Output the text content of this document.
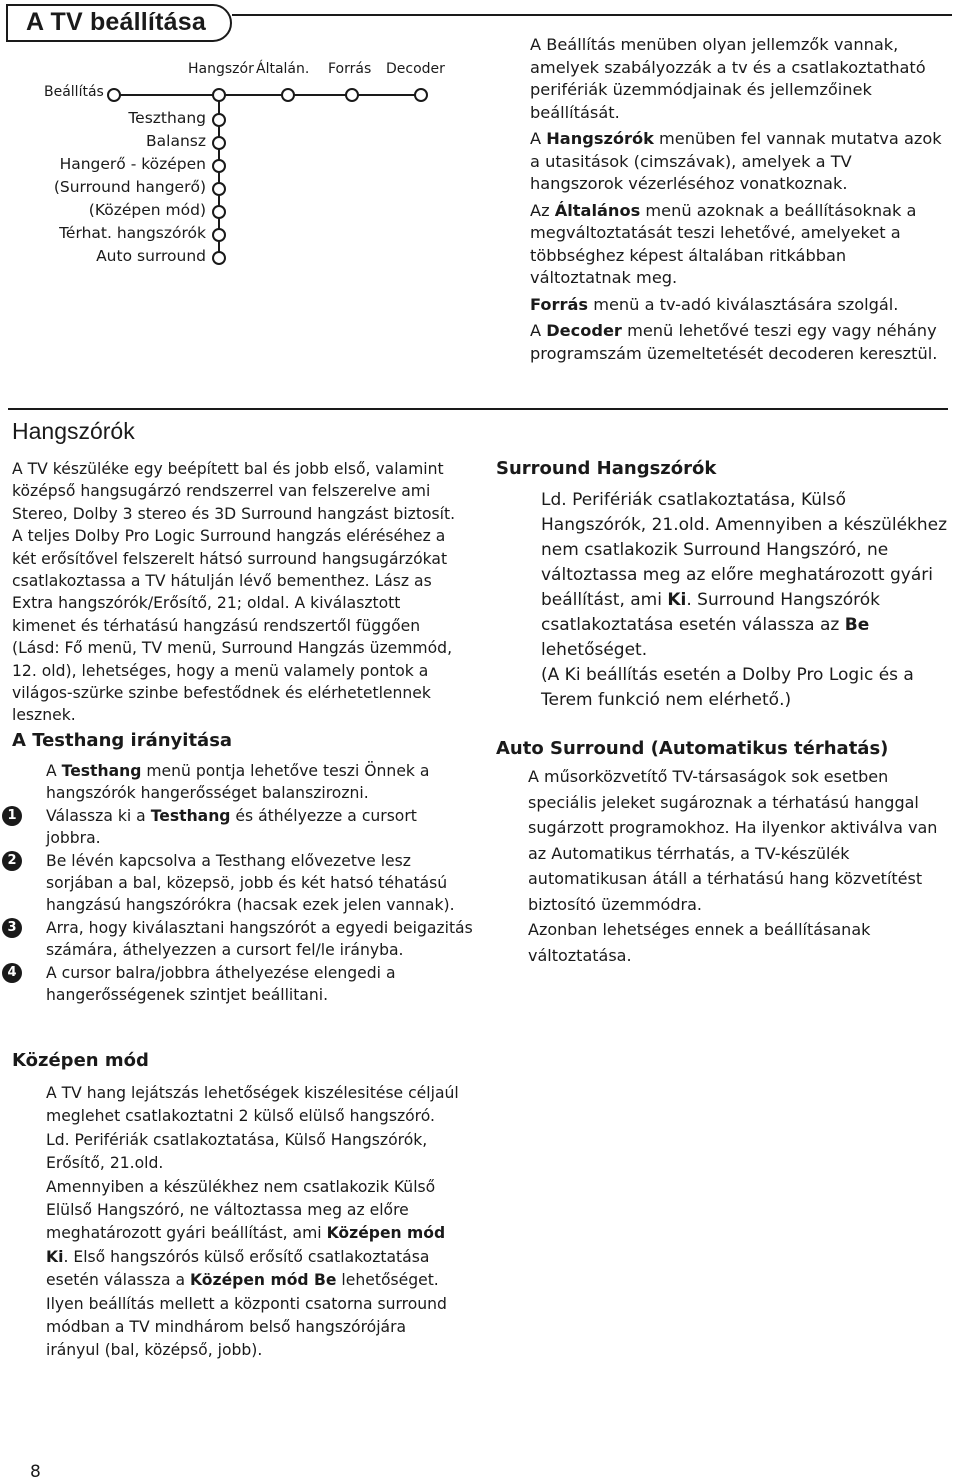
A TV beállítása
Beállítás
Hangszór Általán. Forrás Decoder
Teszthang
Balansz
Hangerő - középen
(Surround hangerő)
(Középen mód)
Térhat. hangszórók
Auto surround

A Beállítás menüben olyan jellemzők vannak, amelyek szabályozzák a tv és a csatlakoztatható perifériák üzemmódjainak és jellemzőinek beállítását.

A Hangszórók menüben fel vannak mutatva azok a utasitások (cimszávak), amelyek a TV hangszorok vézerléséhoz vonatkoznak.

Az Általános menü azoknak a beállításoknak a megváltoztatását teszi lehetővé, amelyeket a többséghez képest általában ritkábban változtatnak meg.

Forrás menü a tv-adó kiválasztására szolgál.

A Decoder menü lehetővé teszi egy vagy néhány programszám üzemeltetését decoderen keresztül.

Hangszórók
A TV készüléke egy beépített bal és jobb első, valamint középső hangsugárzó rendszerrel van felszerelve ami Stereo, Dolby 3 stereo és 3D Surround hangzást biztosít. A teljes Dolby Pro Logic Surround hangzás eléréséhez a két erősítővel felszerelt hátsó surround hangsugárzókat csatlakoztassa a TV hátulján lévő bementhez. Lász as Extra hangszórók/Erősítő, 21; oldal. A kiválasztott kimenet és térhatású hangzású rendszertől függően (Lásd: Fő menü, TV menü, Surround Hangzás üzemmód, 12. old), lehetséges, hogy a menü valamely pontok a világos-szürke szinbe befestődnek és elérhetetlennek lesznek.
A Testhang irányitása

A Testhang menü pontja lehetőve teszi Önnek a hangszórók hangerősséget balanszirozni.

1	Válassza ki a Testhang és áthélyezze a cursort jobbra.
2	Be lévén kapcsolva a Testhang elővezetve lesz sorjában a bal, közepsö, jobb és két hatsó téhatású hangzású hangszórókra (hacsak ezek jelen vannak).
3	Arra, hogy kiválasztani hangszórót a egyedi beigazitás számára, áthelyezzen a cursort fel/le irányba.
4	A cursor balra/jobbra áthelyezése elengedi a hangerősségenek szintjet beállitani.
Középen mód

A TV hang lejátszás lehetőségek kiszélesitése céljaúl meglehet csatlakoztatni 2 külső elülső hangszóró. Ld. Perifériák csatlakoztatása, Külső Hangszórók, Erősítő, 21.old.

Amennyiben a készülékhez nem csatlakozik Külső Elülső Hangszóró, ne változtassa meg az előre meghatározott gyári beállítást, ami Középen mód Ki. Első hangszórós külső erősítő csatlakoztatása esetén válassza a Középen mód Be lehetőséget.

Ilyen beállítás mellett a központi csatorna surround módban a TV mindhárom belső hangszórójára irányul (bal, középső, jobb).

Surround Hangszórók

Ld. Perifériák csatlakoztatása, Külső Hangszórók, 21.old. Amennyiben a készülékhez nem csatlakozik Surround Hangszóró, ne változtassa meg az előre meghatározott gyári beállítást, ami Ki. Surround Hangszórók csatlakoztatása esetén válassza az Be lehetőséget.

(A Ki beállítás esetén a Dolby Pro Logic és a Terem funkció nem elérhető.)

Auto Surround (Automatikus térhatás)

A műsorközvetítő TV-társaságok sok esetben speciális jeleket sugároznak a térhatású hanggal sugárzott programokhoz. Ha ilyenkor aktiválva van az Automatikus térrhatás, a TV-készülék automatikusan átáll a térhatású hang közvetítést biztosító üzemmódra.

Azonban lehetséges ennek a beállításanak változtatása.

8
